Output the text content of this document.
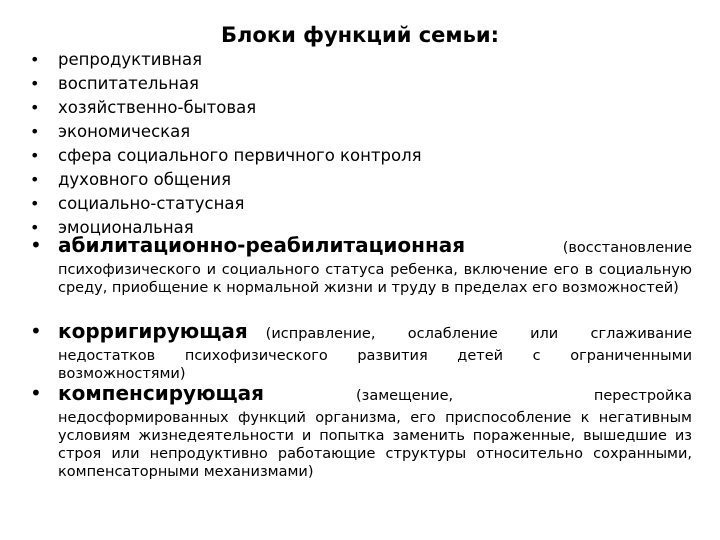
Блоки функций семьи:
• репродуктивная
• воспитательная
• хозяйственно-бытовая
• экономическая
• сфера социального первичного контроля
• духовного общения
• социально-статусная
• эмоциональная
• абилитационно-реабилитационная	(восстановление
психофизического и социального статуса ребенка, включение его в социальную среду, приобщение к нормальной жизни и труду в пределах его возможностей)
• корригирующая (исправление, ослабление или сглаживание
недостатков психофизического развития детей с ограниченными возможностями)
• компенсирующая	(замещение, перестройка
недосформированных функций организма, его приспособление к негативным условиям жизнедеятельности и попытка заменить пораженные, вышедшие из строя или непродуктивно работающие структуры относительно сохранными, компенсаторными механизмами)
